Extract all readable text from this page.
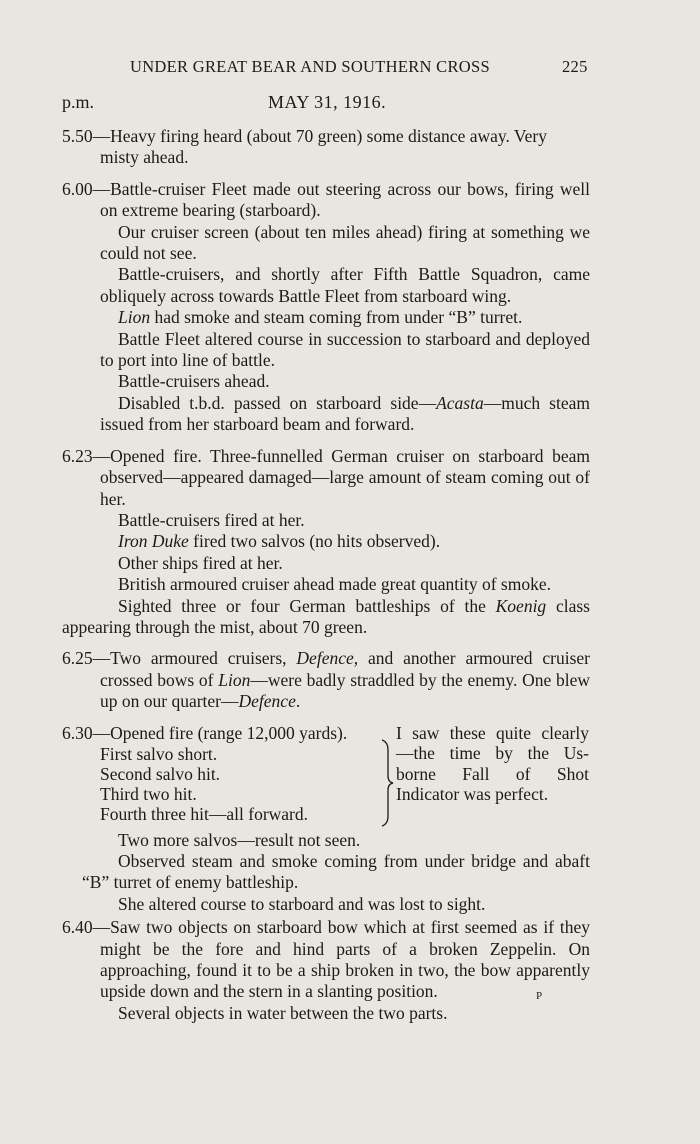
UNDER GREAT BEAR AND SOUTHERN CROSS	225
p.m.	MAY 31, 1916.

5.50—Heavy firing heard (about 70 green) some distance away. Very misty ahead.

6.00—Battle-cruiser Fleet made out steering across our bows, firing well on extreme bearing (starboard).

Our cruiser screen (about ten miles ahead) firing at something we could not see.

Battle-cruisers, and shortly after Fifth Battle Squadron, came obliquely across towards Battle Fleet from starboard wing.

Lion had smoke and steam coming from under “B” turret.

Battle Fleet altered course in succession to starboard and deployed to port into line of battle.

Battle-cruisers ahead.

Disabled t.b.d. passed on starboard side—Acasta—much steam issued from her starboard beam and forward.

6.23—Opened fire. Three-funnelled German cruiser on starboard beam observed—appeared damaged—large amount of steam coming out of her.

Battle-cruisers fired at her.

Iron Duke fired two salvos (no hits observed).

Other ships fired at her.

British armoured cruiser ahead made great quantity of smoke.

Sighted three or four German battleships of the Koenig class appearing through the mist, about 70 green.

6.25—Two armoured cruisers, Defence, and another armoured cruiser crossed bows of Lion—were badly straddled by the enemy. One blew up on our quarter—Defence.

6.30—Opened fire (range 12,000 yards).

First salvo short.

Second salvo hit.

Third two hit.

Fourth three hit—all forward.

I saw these quite clearly

—the time by the Us-

borne Fall of Shot

Indicator was perfect.

Two more salvos—result not seen.

Observed steam and smoke coming from under bridge and abaft “B” turret of enemy battleship.

She altered course to starboard and was lost to sight.

6.40—Saw two objects on starboard bow which at first seemed as if they might be the fore and hind parts of a broken Zeppelin. On approaching, found it to be a ship broken in two, the bow apparently upside down and the stern in a slanting position.

Several objects in water between the two parts.

P
